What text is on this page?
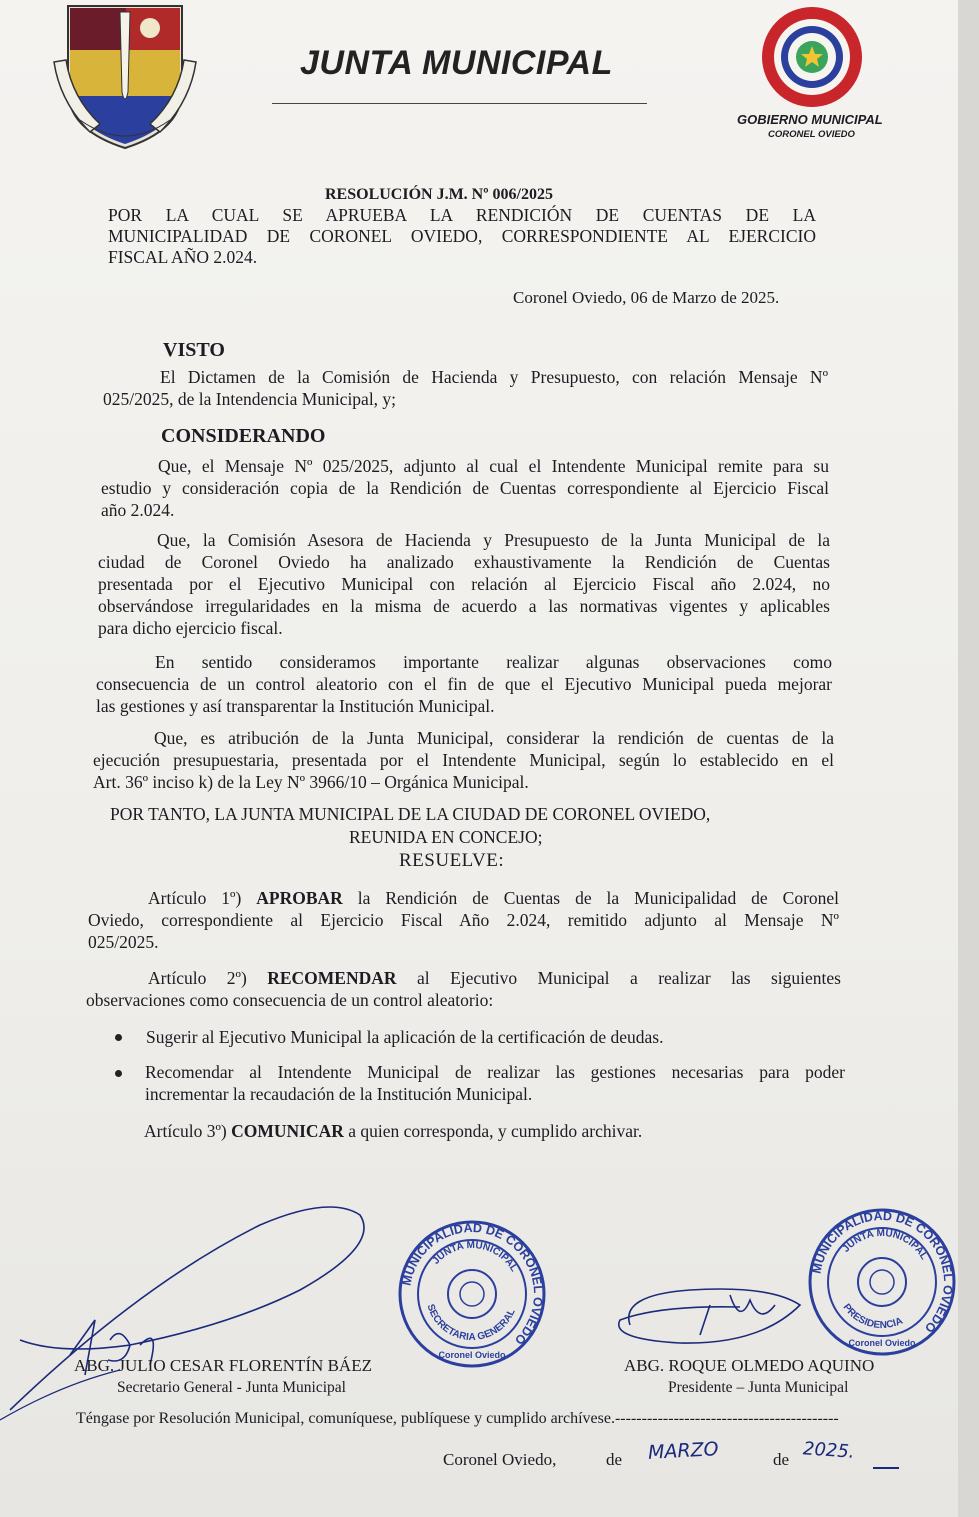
JUNTA MUNICIPAL
GOBIERNO MUNICIPAL
CORONEL OVIEDO
RESOLUCIÓN J.M. Nº 006/2025
POR LA CUAL SE APRUEBA LA RENDICIÓN DE CUENTAS DE LA
MUNICIPALIDAD DE CORONEL OVIEDO, CORRESPONDIENTE AL EJERCICIO
FISCAL AÑO 2.024.
Coronel Oviedo, 06 de Marzo de 2025.
VISTO
El Dictamen de la Comisión de Hacienda y Presupuesto, con relación Mensaje Nº
025/2025, de la Intendencia Municipal, y;
CONSIDERANDO
Que, el Mensaje Nº 025/2025, adjunto al cual el Intendente Municipal remite para su
estudio y consideración copia de la Rendición de Cuentas correspondiente al Ejercicio Fiscal
año 2.024.
Que, la Comisión Asesora de Hacienda y Presupuesto de la Junta Municipal de la
ciudad de Coronel Oviedo ha analizado exhaustivamente la Rendición de Cuentas
presentada por el Ejecutivo Municipal con relación al Ejercicio Fiscal año 2.024, no
observándose irregularidades en la misma de acuerdo a las normativas vigentes y aplicables
para dicho ejercicio fiscal.
En sentido consideramos importante realizar algunas observaciones como
consecuencia de un control aleatorio con el fin de que el Ejecutivo Municipal pueda mejorar
las gestiones y así transparentar la Institución Municipal.
Que, es atribución de la Junta Municipal, considerar la rendición de cuentas de la
ejecución presupuestaria, presentada por el Intendente Municipal, según lo establecido en el
Art. 36º inciso k) de la Ley Nº 3966/10 – Orgánica Municipal.
POR TANTO, LA JUNTA MUNICIPAL DE LA CIUDAD DE CORONEL OVIEDO,
REUNIDA EN CONCEJO;
RESUELVE:
Artículo 1º) APROBAR la Rendición de Cuentas de la Municipalidad de Coronel
Oviedo, correspondiente al Ejercicio Fiscal Año 2.024, remitido adjunto al Mensaje Nº
025/2025.
Artículo 2º) RECOMENDAR al Ejecutivo Municipal a realizar las siguientes
observaciones como consecuencia de un control aleatorio:
Sugerir al Ejecutivo Municipal la aplicación de la certificación de deudas.
Recomendar al Intendente Municipal de realizar las gestiones necesarias para poder
incrementar la recaudación de la Institución Municipal.
Artículo 3º) COMUNICAR a quien corresponda, y cumplido archivar.
MUNICIPALIDAD DE CORONEL OVIEDO
JUNTA MUNICIPAL
SECRETARIA GENERAL
Coronel Oviedo
MUNICIPALIDAD DE CORONEL OVIEDO
JUNTA MUNICIPAL
PRESIDENCIA
Coronel Oviedo
ABG. JULIO CESAR FLORENTÍN BÁEZ
Secretario General - Junta Municipal
ABG. ROQUE OLMEDO AQUINO
Presidente – Junta Municipal
Téngase por Resolución Municipal, comuníquese, publíquese y cumplido archívese.------------------------------------------
Coronel Oviedo,	de MARZO	de 2025.
